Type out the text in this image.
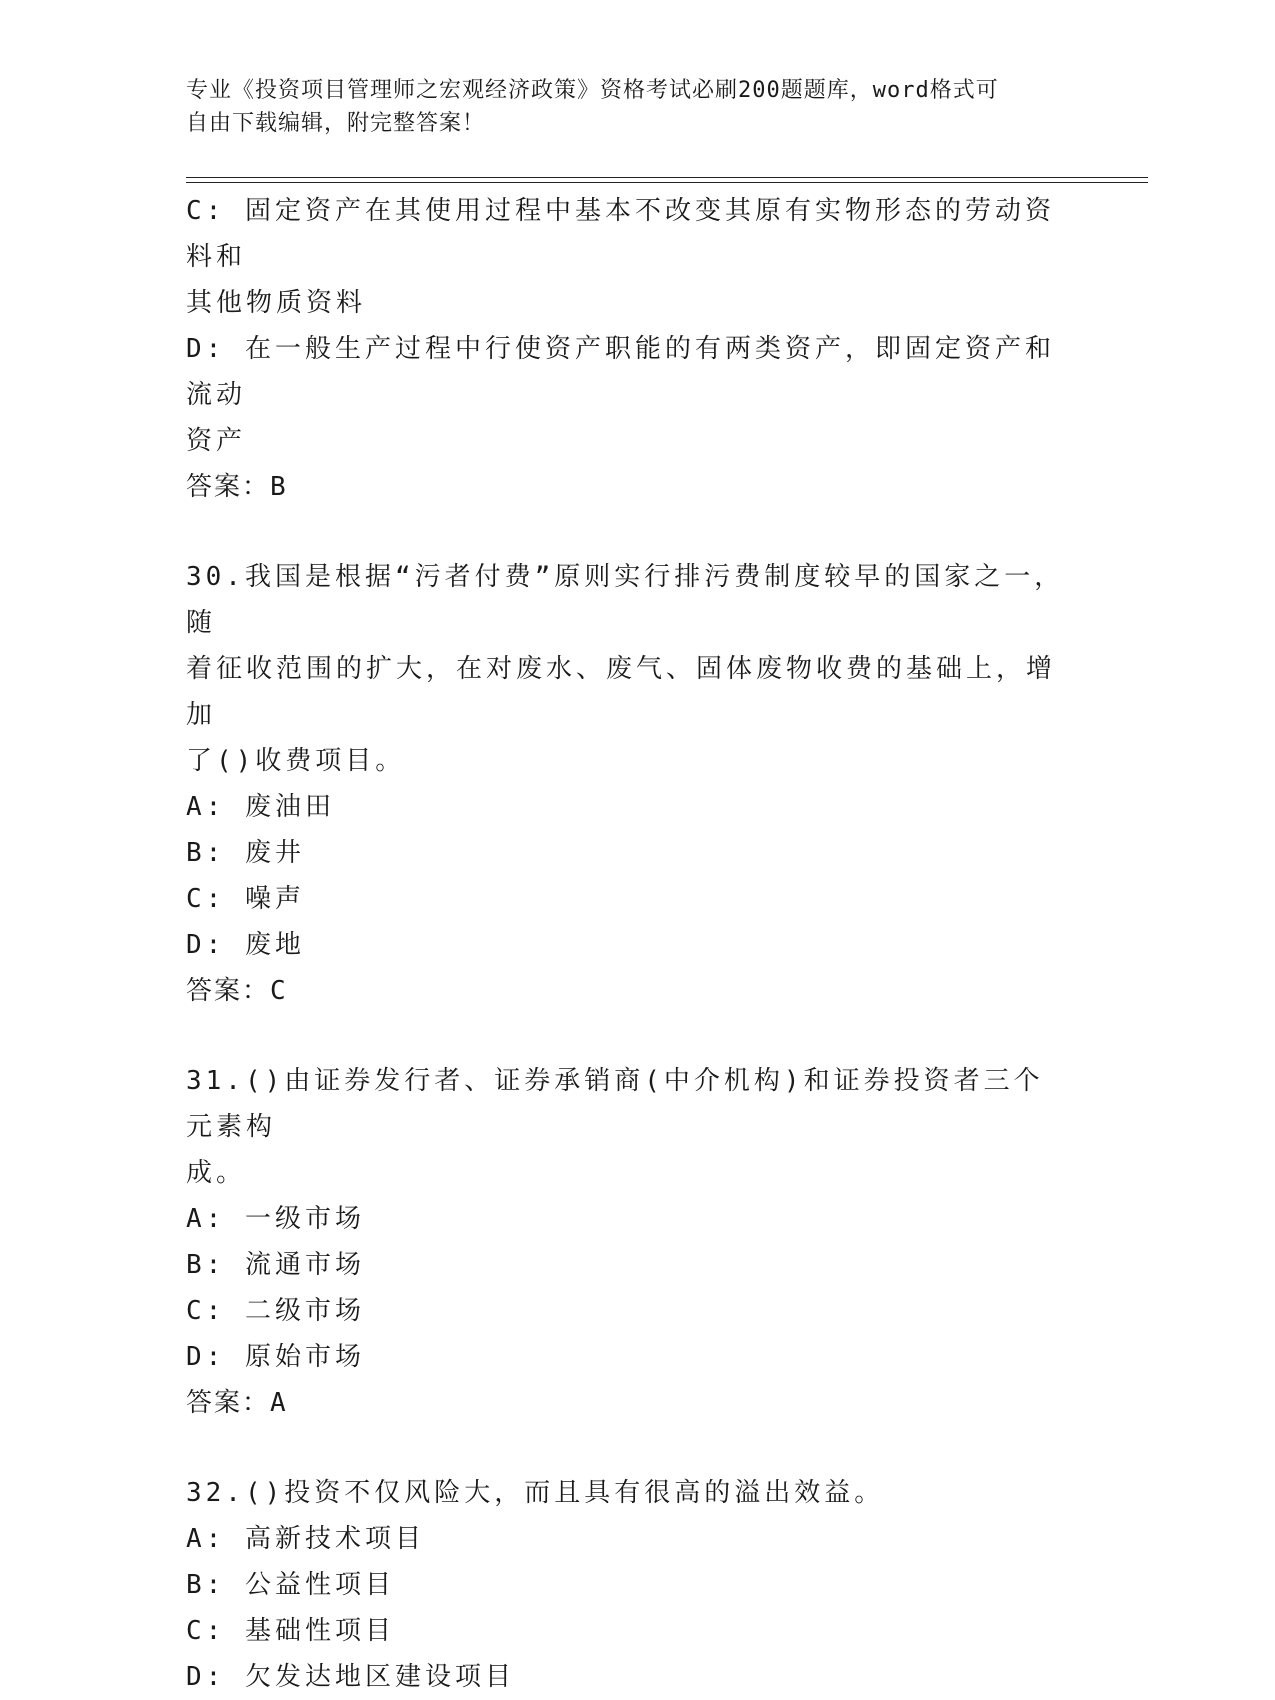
专业《投资项目管理师之宏观经济政策》资格考试必刷200题题库，word格式可
自由下载编辑，附完整答案！
C: 固定资产在其使用过程中基本不改变其原有实物形态的劳动资料和
其他物质资料
D: 在一般生产过程中行使资产职能的有两类资产，即固定资产和流动
资产
答案：B
30.我国是根据“污者付费”原则实行排污费制度较早的国家之一，随
着征收范围的扩大，在对废水、废气、固体废物收费的基础上，增加
了()收费项目。
A: 废油田
B: 废井
C: 噪声
D: 废地
答案：C
31.()由证券发行者、证券承销商(中介机构)和证券投资者三个元素构
成。
A: 一级市场
B: 流通市场
C: 二级市场
D: 原始市场
答案：A
32.()投资不仅风险大，而且具有很高的溢出效益。
A: 高新技术项目
B: 公益性项目
C: 基础性项目
D: 欠发达地区建设项目
